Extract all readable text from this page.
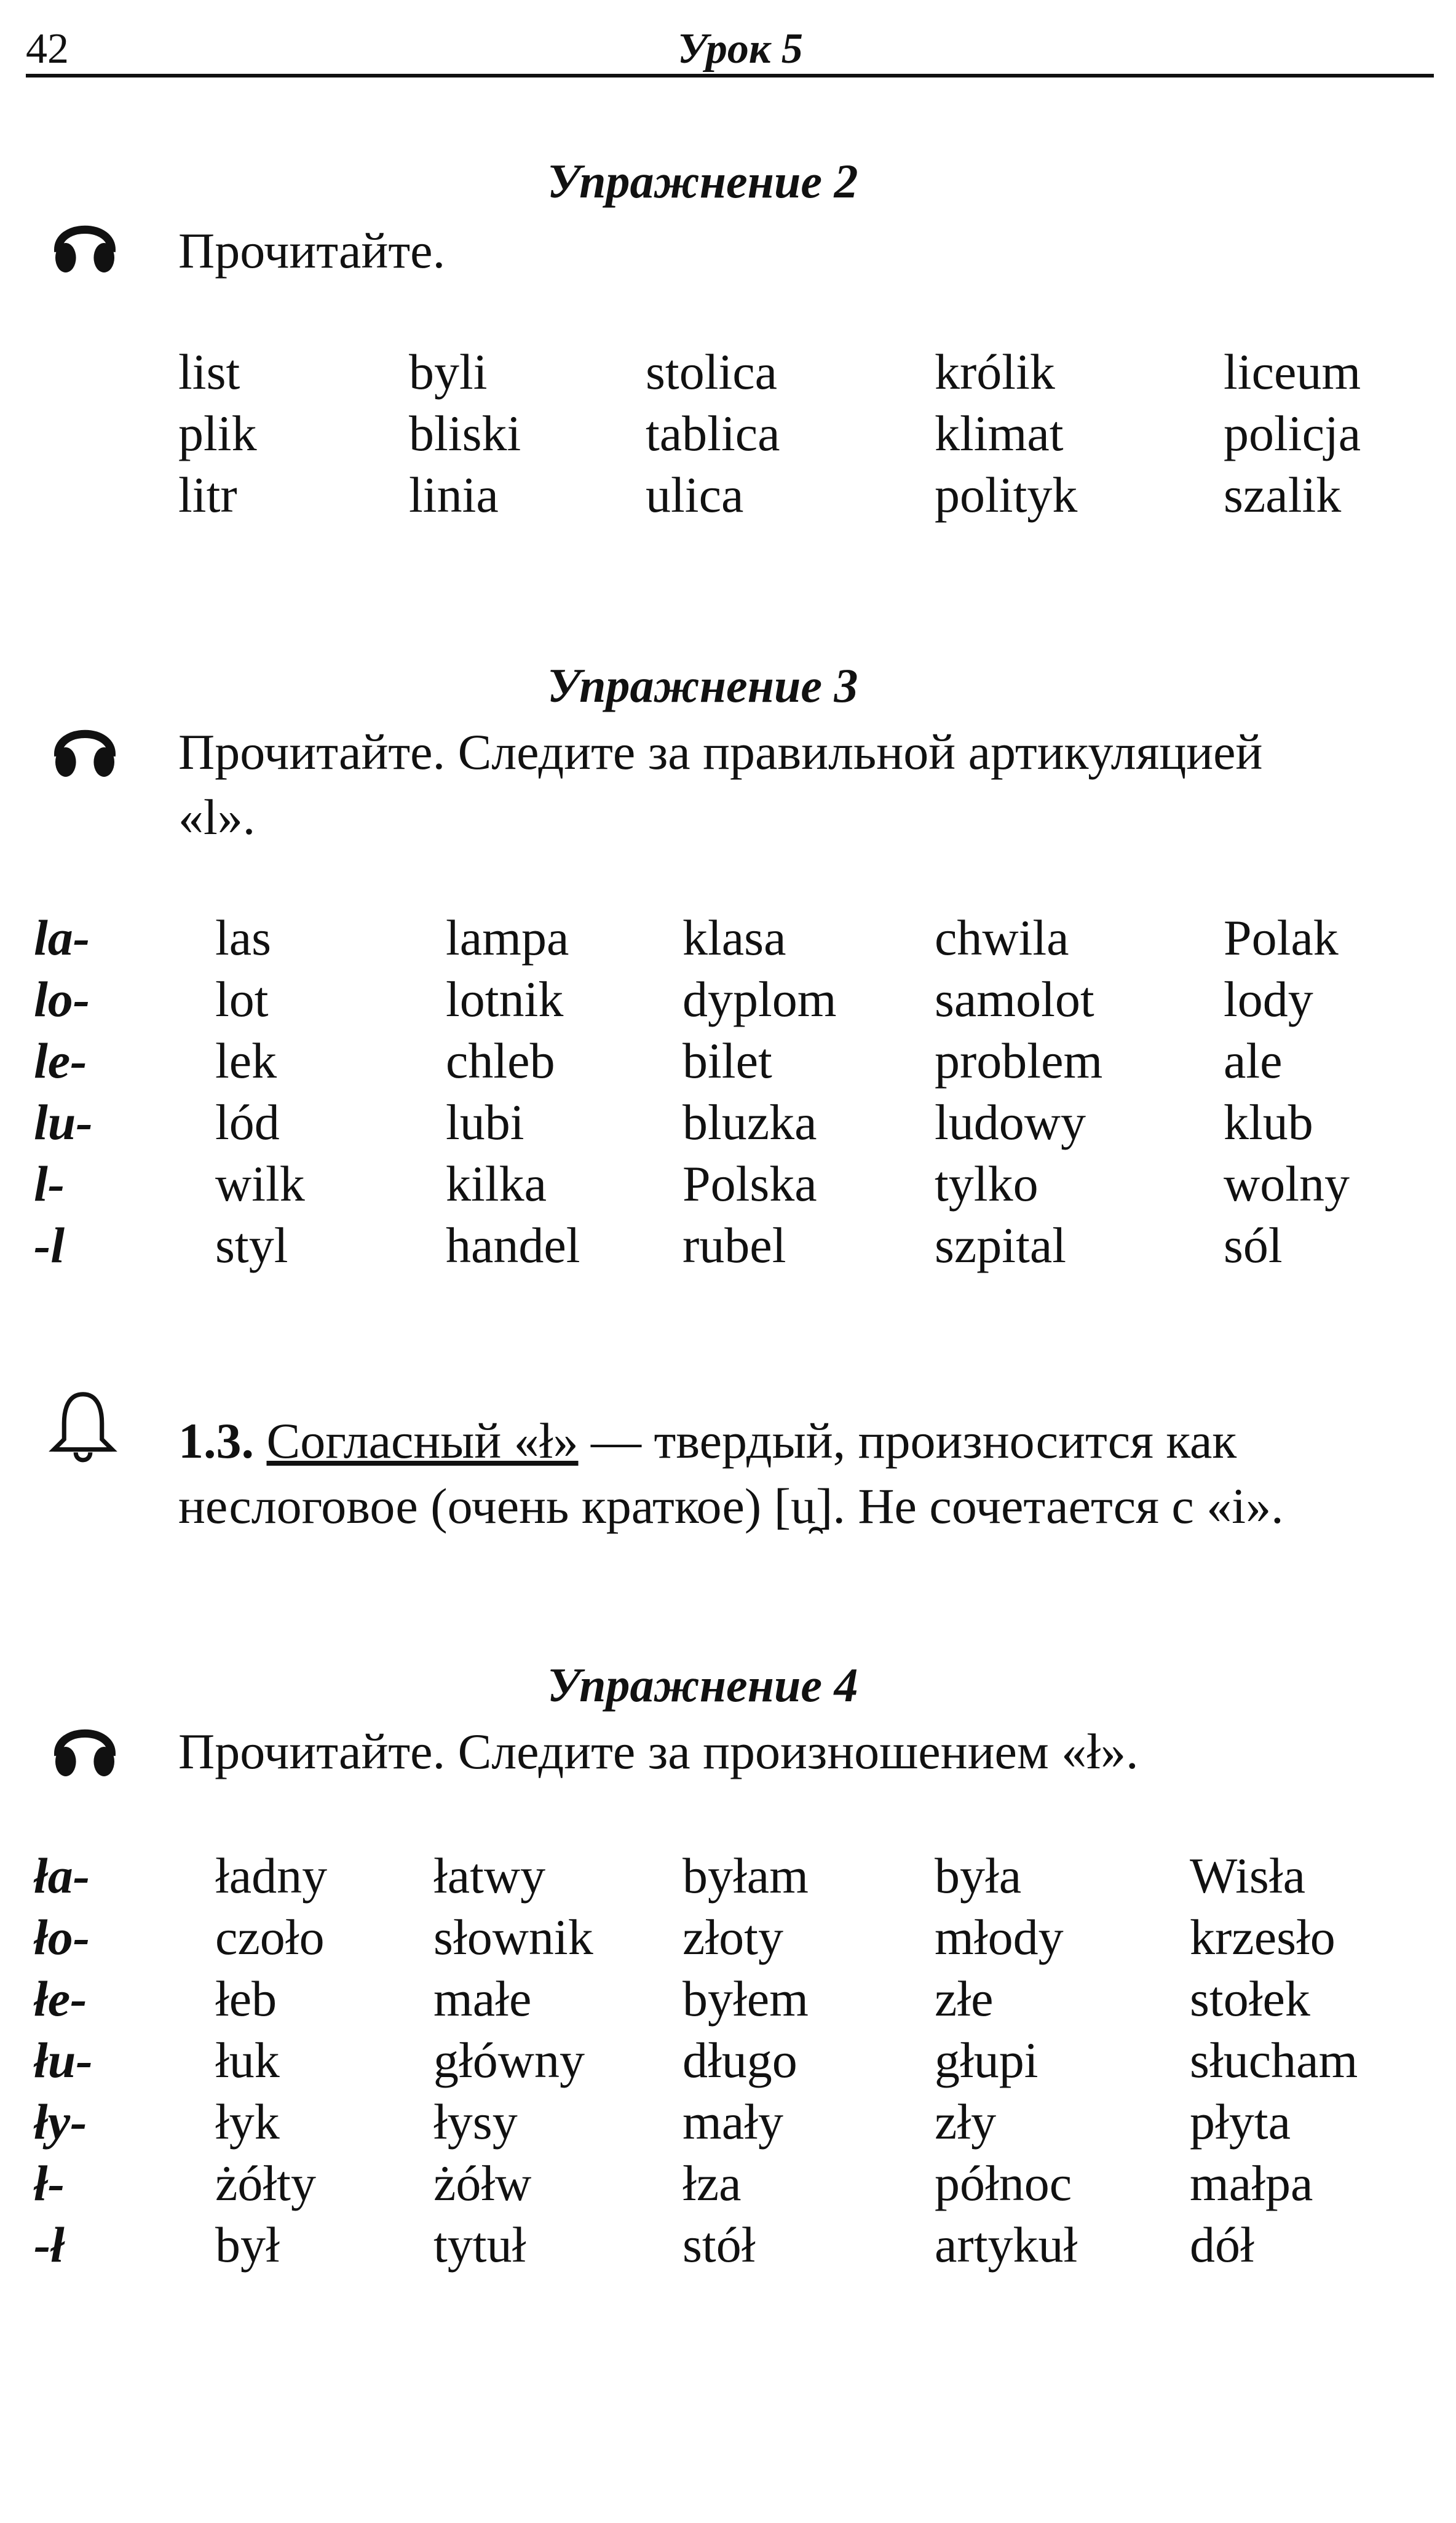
42	Урок 5
Упражнение 2
Прочитайте.
list
plik
litr
byli
bliski
linia
stolica
tablica
ulica
królik
klimat
polityk
liceum
policja
szalik
Упражнение 3
Прочитайте. Следите за правильной артикуляцией
«l».
la-
lo-
le-
lu-
l-
-l
las
lot
lek
lód
wilk
styl
lampa
lotnik
chleb
lubi
kilka
handel
klasa
dyplom
bilet
bluzka
Polska
rubel
chwila
samolot
problem
ludowy
tylko
szpital
Polak
lody
ale
klub
wolny
sól
1.3. Согласный «ł» — твердый, произносится как
неслоговое (очень краткое) [u̯]. Не сочетается с «i».
Упражнение 4
Прочитайте. Следите за произношением «ł».
ła-
ło-
łe-
łu-
ły-
ł-
-ł
ładny
czoło
łeb
łuk
łyk
żółty
był
łatwy
słownik
małe
główny
łysy
żółw
tytuł
byłam
złoty
byłem
długo
mały
łza
stół
była
młody
złe
głupi
zły
północ
artykuł
Wisła
krzesło
stołek
słucham
płyta
małpa
dół
